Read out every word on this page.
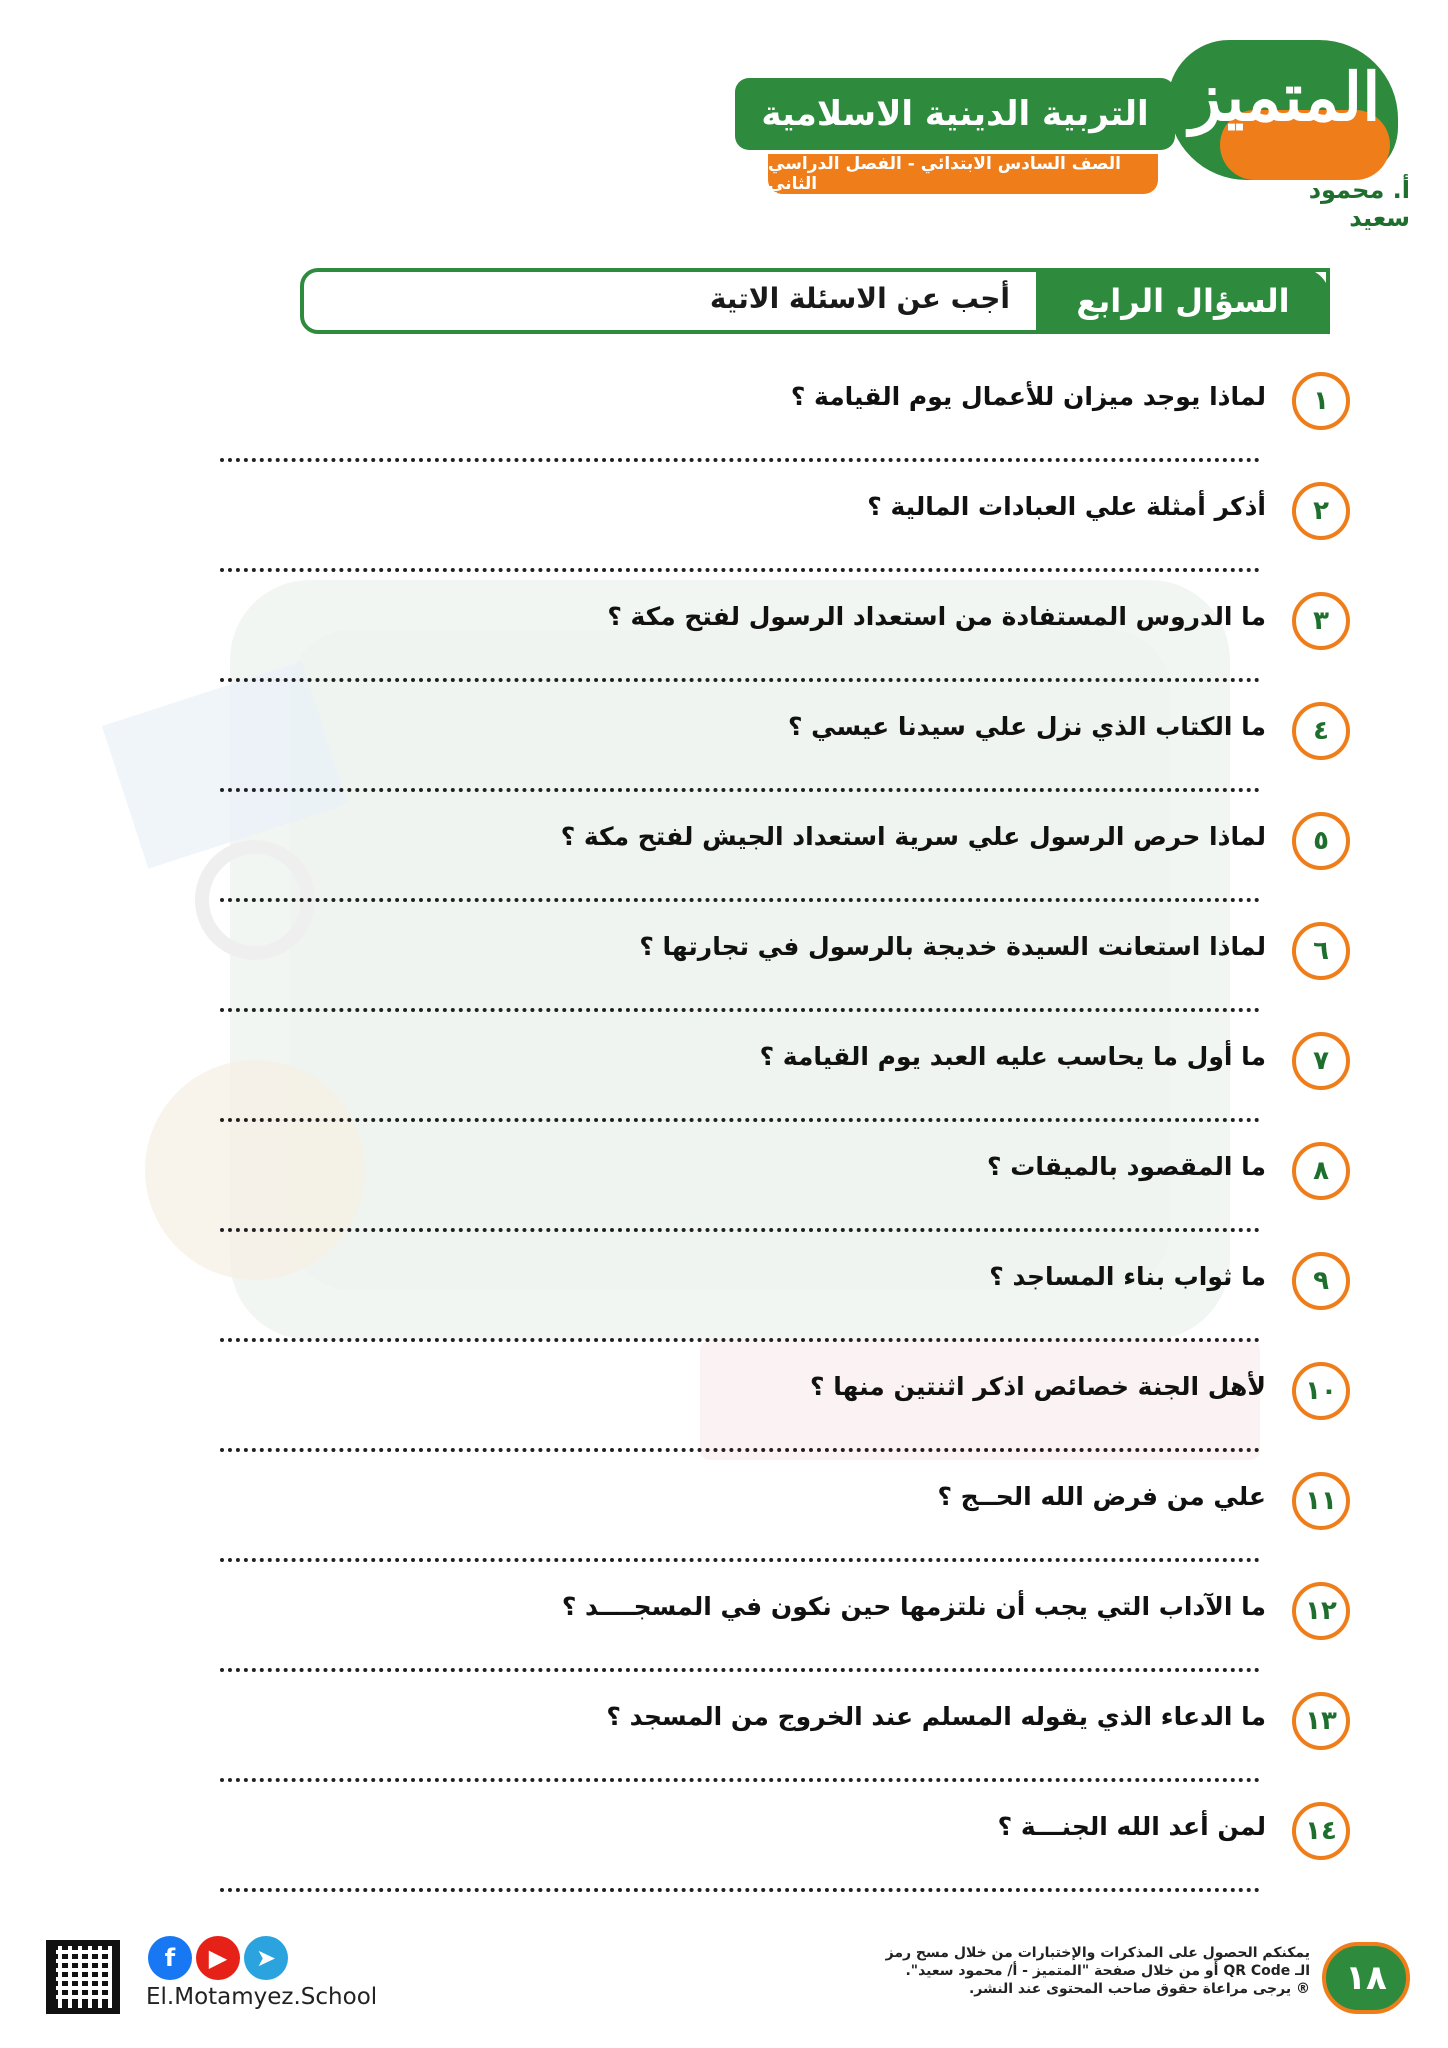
التربية الدينية الاسلامية
الصف السادس الابتدائي - الفصل الدراسي الثاني
المتميز
أ. محمود سعيد
السؤال الرابع
أجب عن الاسئلة الاتية
١
لماذا يوجد ميزان للأعمال يوم القيامة ؟
٢
أذكر أمثلة علي العبادات المالية ؟
٣
ما الدروس المستفادة من استعداد الرسول لفتح مكة ؟
٤
ما الكتاب الذي نزل علي سيدنا عيسي ؟
٥
لماذا حرص الرسول علي سرية استعداد الجيش لفتح مكة ؟
٦
لماذا استعانت السيدة خديجة بالرسول في تجارتها ؟
٧
ما أول ما يحاسب عليه العبد يوم القيامة ؟
٨
ما المقصود بالميقات ؟
٩
ما ثواب بناء المساجد ؟
١٠
لأهل الجنة خصائص اذكر اثنتين منها ؟
١١
علي من فرض الله الحــج ؟
١٢
ما الآداب التي يجب أن نلتزمها حين نكون في المسجــــد ؟
١٣
ما الدعاء الذي يقوله المسلم عند الخروج من المسجد ؟
١٤
لمن أعد الله الجنـــة ؟
١٨
يمكنكم الحصول على المذكرات والإختبارات من خلال مسح رمز
الـ QR Code أو من خلال صفحة "المتميز - أ/ محمود سعيد".
® يرجى مراعاة حقوق صاحب المحتوى عند النشر.
f	▶	➤
El.Motamyez.School
